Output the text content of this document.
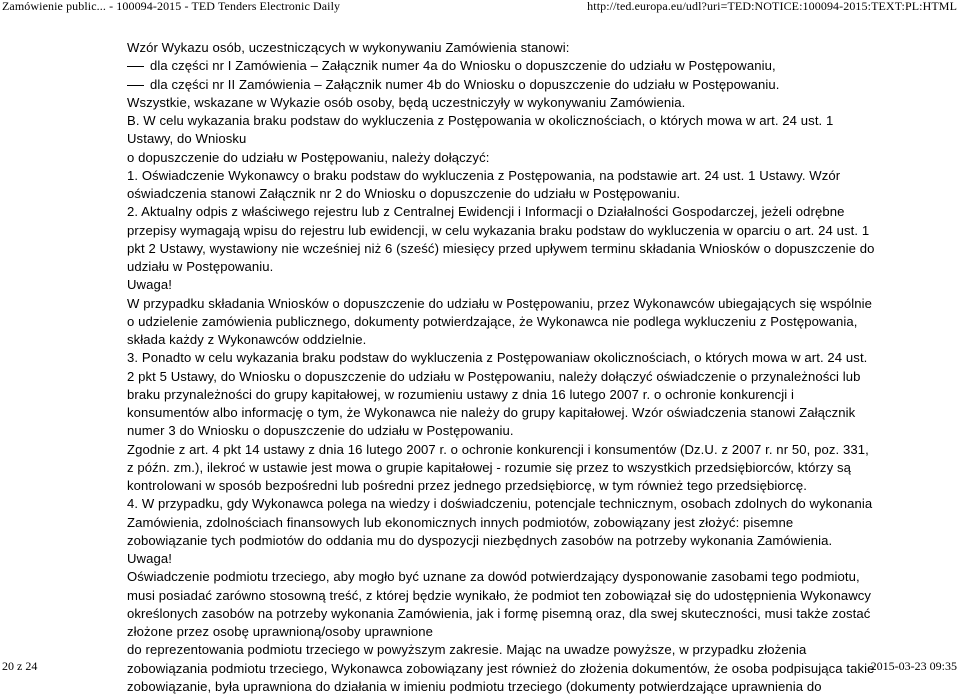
Zamówienie public... - 100094-2015 - TED Tenders Electronic Daily	http://ted.europa.eu/udl?uri=TED:NOTICE:100094-2015:TEXT:PL:HTML
Wzór Wykazu osób, uczestniczących w wykonywaniu Zamówienia stanowi:
dla części nr I Zamówienia – Załącznik numer 4a do Wniosku o dopuszczenie do udziału w Postępowaniu,
dla części nr II Zamówienia – Załącznik numer 4b do Wniosku o dopuszczenie do udziału w Postępowaniu.
Wszystkie, wskazane w Wykazie osób osoby, będą uczestniczyły w wykonywaniu Zamówienia.
B. W celu wykazania braku podstaw do wykluczenia z Postępowania w okolicznościach, o których mowa w art. 24 ust. 1
Ustawy, do Wniosku
o dopuszczenie do udziału w Postępowaniu, należy dołączyć:
1. Oświadczenie Wykonawcy o braku podstaw do wykluczenia z Postępowania, na podstawie art. 24 ust. 1 Ustawy. Wzór
oświadczenia stanowi Załącznik nr 2 do Wniosku o dopuszczenie do udziału w Postępowaniu.
2. Aktualny odpis z właściwego rejestru lub z Centralnej Ewidencji i Informacji o Działalności Gospodarczej, jeżeli odrębne
przepisy wymagają wpisu do rejestru lub ewidencji, w celu wykazania braku podstaw do wykluczenia w oparciu o art. 24 ust. 1
pkt 2 Ustawy, wystawiony nie wcześniej niż 6 (sześć) miesięcy przed upływem terminu składania Wniosków o dopuszczenie do
udziału w Postępowaniu.
Uwaga!
W przypadku składania Wniosków o dopuszczenie do udziału w Postępowaniu, przez Wykonawców ubiegających się wspólnie
o udzielenie zamówienia publicznego, dokumenty potwierdzające, że Wykonawca nie podlega wykluczeniu z Postępowania,
składa każdy z Wykonawców oddzielnie.
3. Ponadto w celu wykazania braku podstaw do wykluczenia z Postępowaniaw okolicznościach, o których mowa w art. 24 ust.
2 pkt 5 Ustawy, do Wniosku o dopuszczenie do udziału w Postępowaniu, należy dołączyć oświadczenie o przynależności lub
braku przynależności do grupy kapitałowej, w rozumieniu ustawy z dnia 16 lutego 2007 r. o ochronie konkurencji i
konsumentów albo informację o tym, że Wykonawca nie należy do grupy kapitałowej. Wzór oświadczenia stanowi Załącznik
numer 3 do Wniosku o dopuszczenie do udziału w Postępowaniu.
Zgodnie z art. 4 pkt 14 ustawy z dnia 16 lutego 2007 r. o ochronie konkurencji i konsumentów (Dz.U. z 2007 r. nr 50, poz. 331,
z późn. zm.), ilekroć w ustawie jest mowa o grupie kapitałowej - rozumie się przez to wszystkich przedsiębiorców, którzy są
kontrolowani w sposób bezpośredni lub pośredni przez jednego przedsiębiorcę, w tym również tego przedsiębiorcę.
4. W przypadku, gdy Wykonawca polega na wiedzy i doświadczeniu, potencjale technicznym, osobach zdolnych do wykonania
Zamówienia, zdolnościach finansowych lub ekonomicznych innych podmiotów, zobowiązany jest złożyć: pisemne
zobowiązanie tych podmiotów do oddania mu do dyspozycji niezbędnych zasobów na potrzeby wykonania Zamówienia.
Uwaga!
Oświadczenie podmiotu trzeciego, aby mogło być uznane za dowód potwierdzający dysponowanie zasobami tego podmiotu,
musi posiadać zarówno stosowną treść, z której będzie wynikało, że podmiot ten zobowiązał się do udostępnienia Wykonawcy
określonych zasobów na potrzeby wykonania Zamówienia, jak i formę pisemną oraz, dla swej skuteczności, musi także zostać
złożone przez osobę uprawnioną/osoby uprawnione
do reprezentowania podmiotu trzeciego w powyższym zakresie. Mając na uwadze powyższe, w przypadku złożenia
zobowiązania podmiotu trzeciego, Wykonawca zobowiązany jest również do złożenia dokumentów, że osoba podpisująca takie
zobowiązanie, była uprawniona do działania w imieniu podmiotu trzeciego (dokumenty potwierdzające uprawnienia do
20 z 24	2015-03-23 09:35
